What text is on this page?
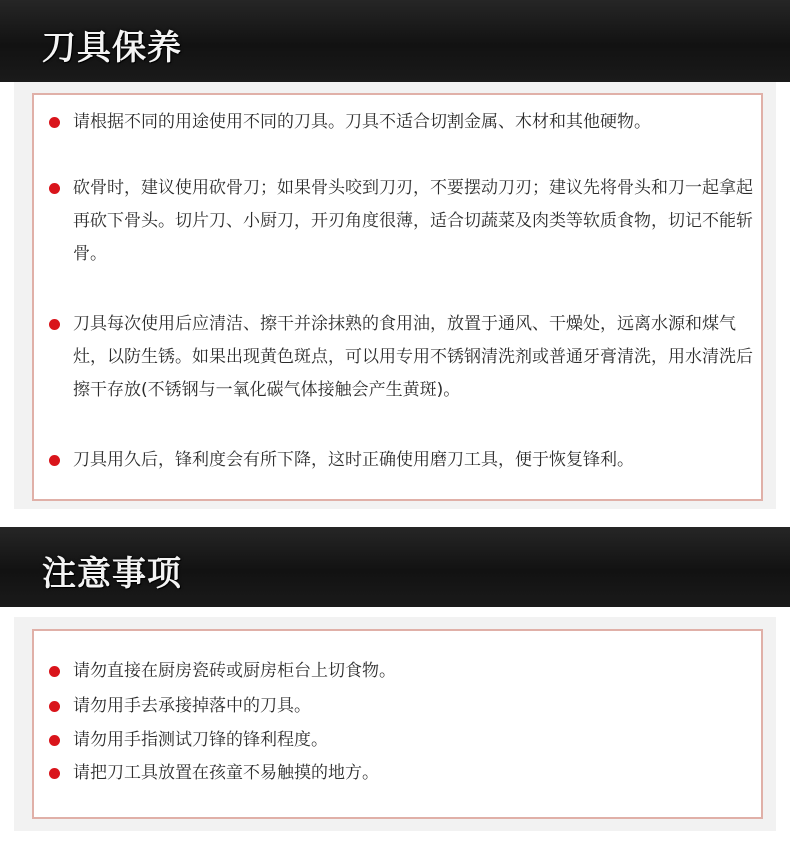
刀具保养
请根据不同的用途使用不同的刀具。刀具不适合切割金属、木材和其他硬物。
砍骨时，建议使用砍骨刀；如果骨头咬到刀刃，不要摆动刀刃；建议先将骨头和刀一起拿起再砍下骨头。切片刀、小厨刀，开刃角度很薄，适合切蔬菜及肉类等软质食物，切记不能斩骨。
刀具每次使用后应清洁、擦干并涂抹熟的食用油，放置于通风、干燥处，远离水源和煤气灶，以防生锈。如果出现黄色斑点，可以用专用不锈钢清洗剂或普通牙膏清洗，用水清洗后擦干存放(不锈钢与一氧化碳气体接触会产生黄斑)。
刀具用久后，锋利度会有所下降，这时正确使用磨刀工具，便于恢复锋利。
注意事项
请勿直接在厨房瓷砖或厨房柜台上切食物。
请勿用手去承接掉落中的刀具。
请勿用手指测试刀锋的锋利程度。
请把刀工具放置在孩童不易触摸的地方。
